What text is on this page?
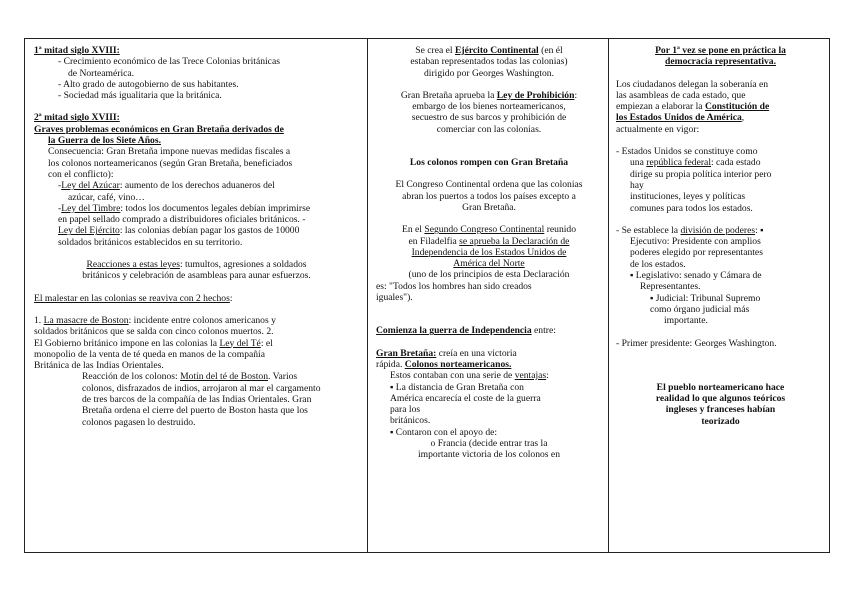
1ª mitad siglo XVIII:

- Crecimiento económico de las Trece Colonias británicas

de Norteamérica.

- Alto grado de autogobierno de sus habitantes.

- Sociedad más igualitaria que la británica.

2ª mitad siglo XVIII:

Graves problemas económicos en Gran Bretaña derivados de

la Guerra de los Siete Años.

Consecuencia: Gran Bretaña impone nuevas medidas fiscales a

los colonos norteamericanos (según Gran Bretaña, beneficiados

con el conflicto):

-Ley del Azúcar: aumento de los derechos aduaneros del

azúcar, café, vino…

-Ley del Timbre: todos los documentos legales debían imprimirse

en papel sellado comprado a distribuidores oficiales británicos. -

Ley del Ejército: las colonias debían pagar los gastos de 10000

soldados británicos establecidos en su territorio.

Reacciones a estas leyes: tumultos, agresiones a soldados

británicos y celebración de asambleas para aunar esfuerzos.

El malestar en las colonias se reaviva con 2 hechos:

1. La masacre de Boston: incidente entre colonos americanos y

soldados británicos que se salda con cinco colonos muertos. 2.

El Gobierno británico impone en las colonias la Ley del Té: el

monopolio de la venta de té queda en manos de la compañía

Británica de las Indias Orientales.

Reacción de los colonos: Motín del té de Boston. Varios

colonos, disfrazados de indios, arrojaron al mar el cargamento

de tres barcos de la compañía de las Indias Orientales. Gran

Bretaña ordena el cierre del puerto de Boston hasta que los

colonos pagasen lo destruido.

Se crea el Ejército Continental (en él

estaban representados todas las colonias)

dirigido por Georges Washington.

Gran Bretaña aprueba la Ley de Prohibición:

embargo de los bienes norteamericanos,

secuestro de sus barcos y prohibición de

comerciar con las colonias.

Los colonos rompen con Gran Bretaña

El Congreso Continental ordena que las colonias

abran los puertos a todos los países excepto a

Gran Bretaña.

En el Segundo Congreso Continental reunido

en Filadelfia se aprueba la Declaración de

Independencia de los Estados Unidos de

América del Norte

(uno de los principios de esta Declaración

es: "Todos los hombres han sido creados

iguales").

Comienza la guerra de Independencia entre:

Gran Bretaña: creía en una victoria

rápida. Colonos norteamericanos.

Estos contaban con una serie de ventajas:

▪ La distancia de Gran Bretaña con

América encarecía el coste de la guerra

para los

británicos.

▪ Contaron con el apoyo de:

o Francia (decide entrar tras la

importante victoria de los colonos en

Por 1ª vez se pone en práctica la

democracia representativa.

Los ciudadanos delegan la soberanía en

las asambleas de cada estado, que

empiezan a elaborar la Constitución de

los Estados Unidos de América,

actualmente en vigor:

- Estados Unidos se constituye como

una república federal: cada estado

dirige su propia política interior pero

hay

instituciones, leyes y políticas

comunes para todos los estados.

- Se establece la división de poderes: ▪

Ejecutivo: Presidente con amplios

poderes elegido por representantes

de los estados.

▪ Legislativo: senado y Cámara de

Representantes.

▪ Judicial: Tribunal Supremo

como órgano judicial más

importante.

- Primer presidente: Georges Washington.

El pueblo norteamericano hace

realidad lo que algunos teóricos

ingleses y franceses habían

teorizado
